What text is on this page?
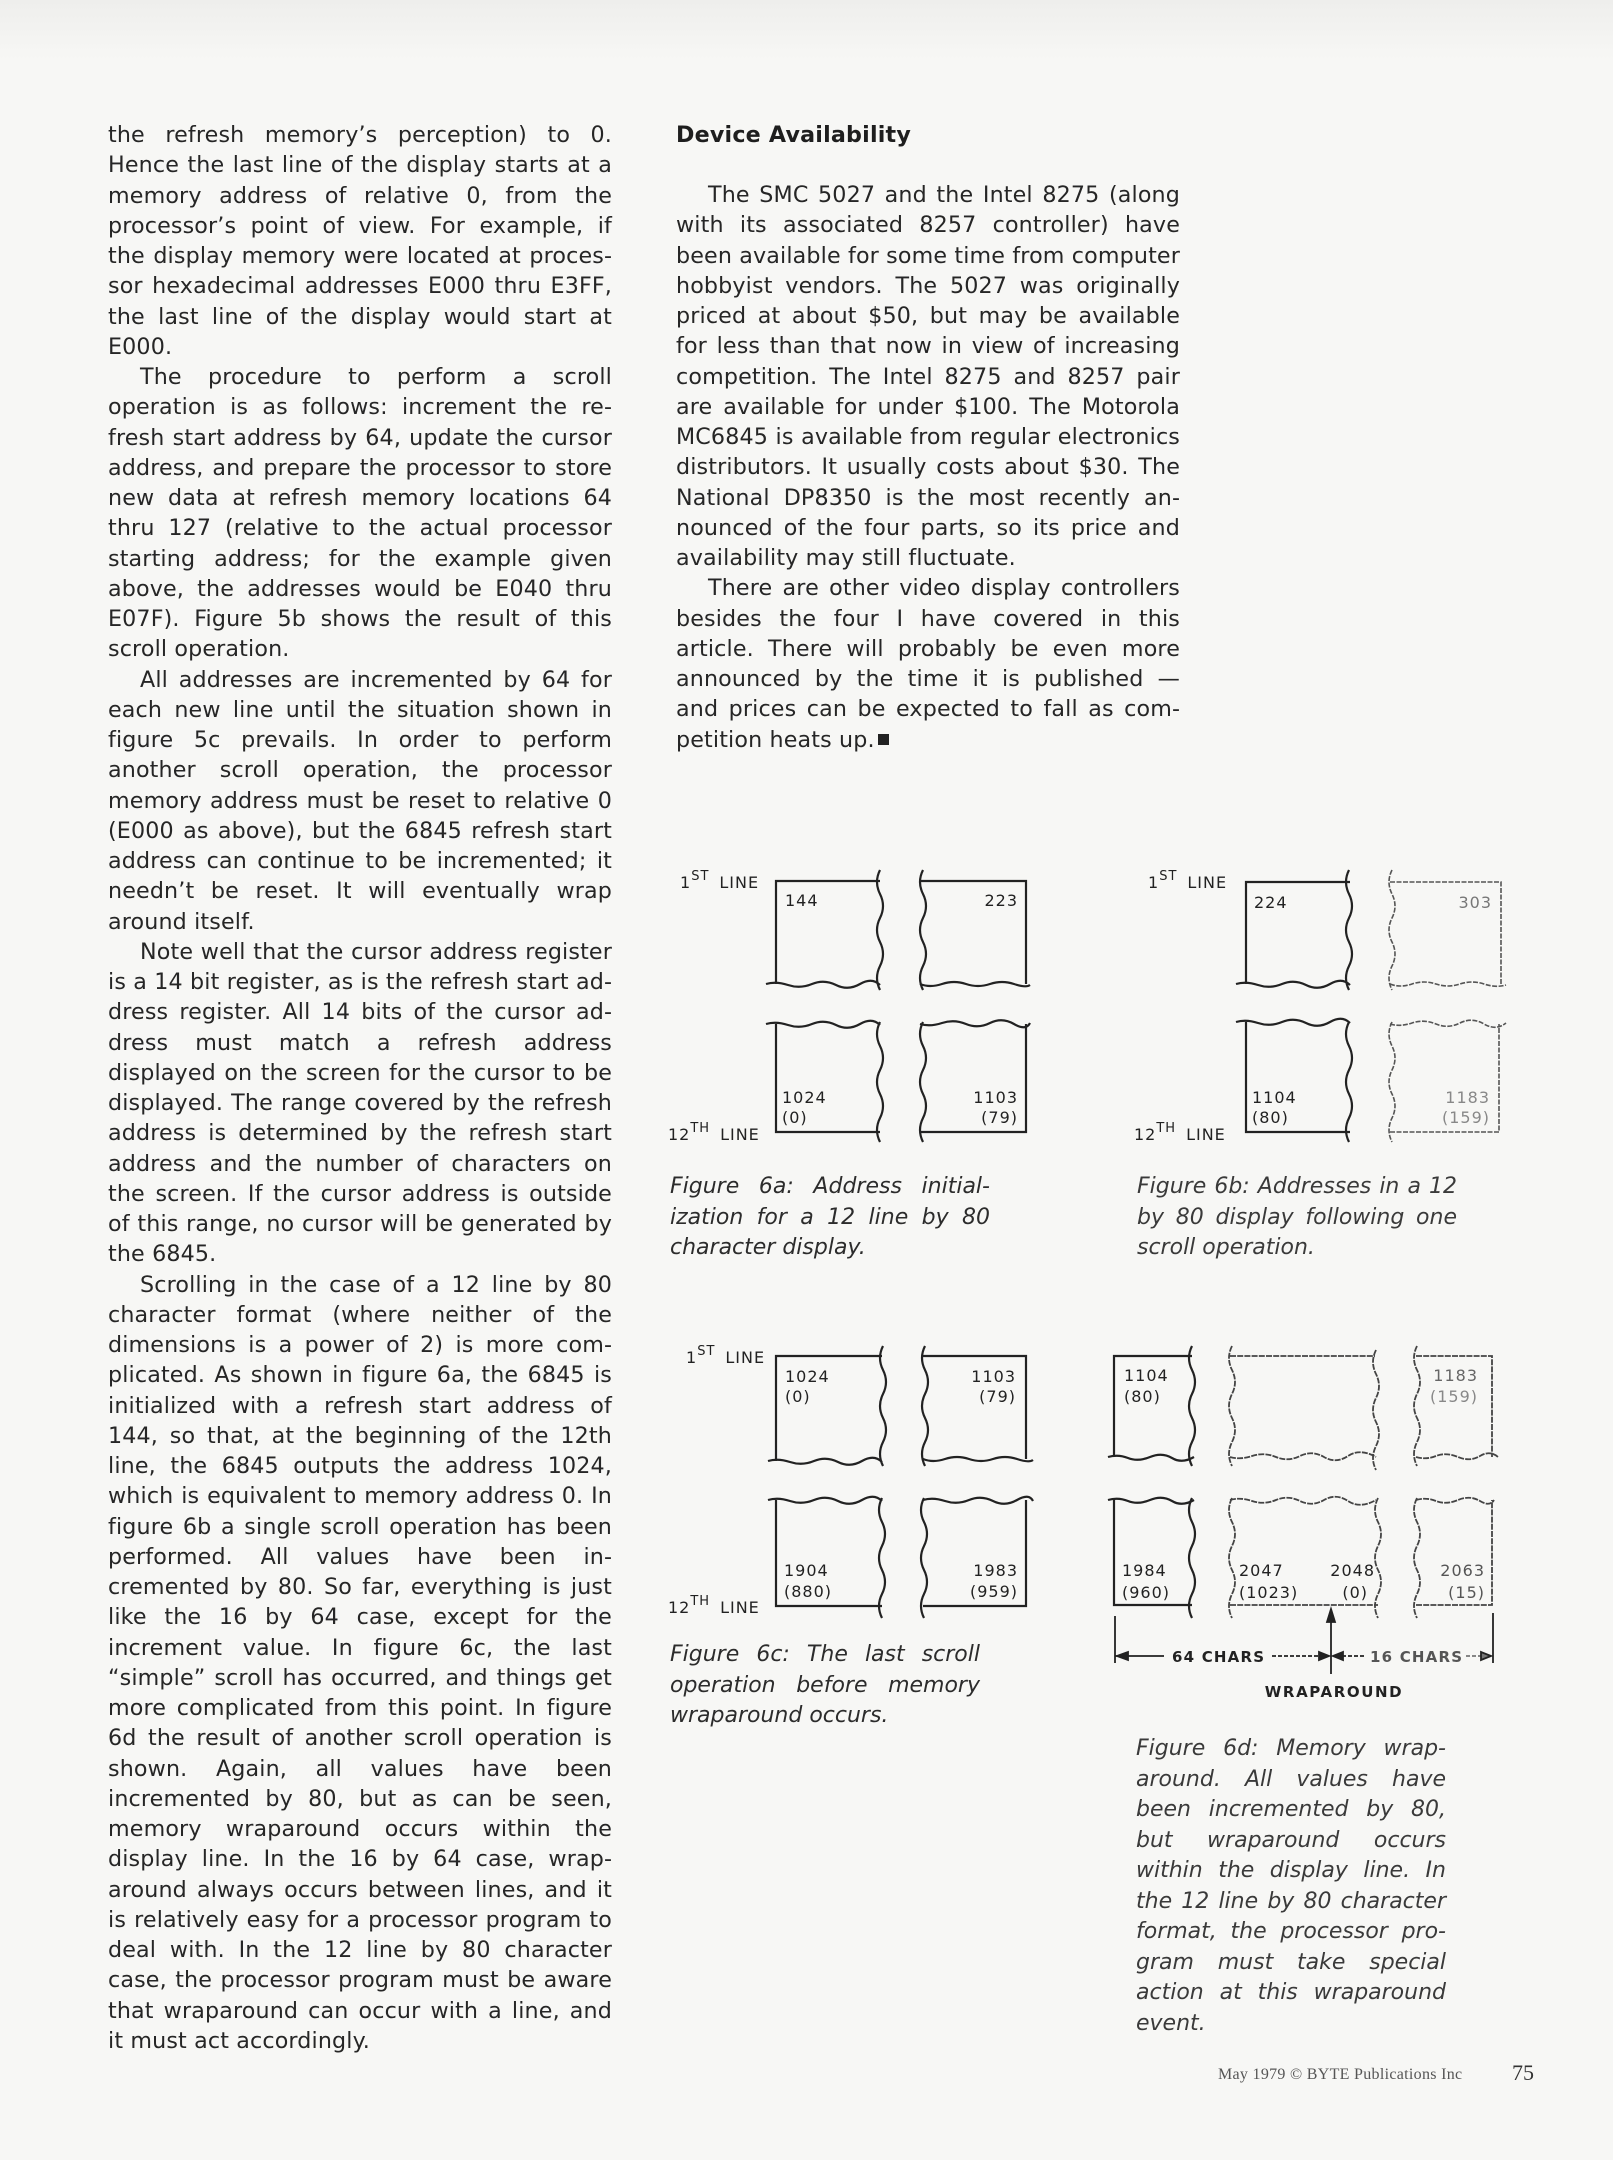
the refresh memory’s perception) to 0. Hence the last line of the display starts at a memory address of relative 0, from the processor’s point of view. For example, if the display memory were located at processor hexadecimal addresses E000 thru E3FF, the last line of the display would start at E000.

The procedure to perform a scroll operation is as follows: increment the refresh start address by 64, update the cursor address, and prepare the processor to store new data at refresh memory locations 64 thru 127 (relative to the actual processor starting address; for the example given above, the addresses would be E040 thru E07F). Figure 5b shows the result of this scroll operation.

All addresses are incremented by 64 for each new line until the situation shown in figure 5c prevails. In order to perform another scroll operation, the processor memory address must be reset to relative 0 (E000 as above), but the 6845 refresh start address can continue to be incremented; it needn’t be reset. It will eventually wrap around itself.

Note well that the cursor address register is a 14 bit register, as is the refresh start address register. All 14 bits of the cursor address must match a refresh address displayed on the screen for the cursor to be displayed. The range covered by the refresh address is determined by the refresh start address and the number of characters on the screen. If the cursor address is outside of this range, no cursor will be generated by the 6845.

Scrolling in the case of a 12 line by 80 character format (where neither of the dimensions is a power of 2) is more complicated. As shown in figure 6a, the 6845 is initialized with a refresh start address of 144, so that, at the beginning of the 12th line, the 6845 outputs the address 1024, which is equivalent to memory address 0. In figure 6b a single scroll operation has been performed. All values have been incremented by 80. So far, everything is just like the 16 by 64 case, except for the increment value. In figure 6c, the last “simple” scroll has occurred, and things get more complicated from this point. In figure 6d the result of another scroll operation is shown. Again, all values have been incremented by 80, but as can be seen, memory wraparound occurs within the display line. In the 16 by 64 case, wraparound always occurs between lines, and it is relatively easy for a processor program to deal with. In the 12 line by 80 character case, the processor program must be aware that wraparound can occur with a line, and it must act accordingly.

Device Availability

The SMC 5027 and the Intel 8275 (along with its associated 8257 controller) have been available for some time from computer hobbyist vendors. The 5027 was originally priced at about $50, but may be available for less than that now in view of increasing competition. The Intel 8275 and 8257 pair are available for under $100. The Motorola MC6845 is available from regular electronics distributors. It usually costs about $30. The National DP8350 is the most recently announced of the four parts, so its price and availability may still fluctuate.

There are other video display controllers besides the four I have covered in this article. There will probably be even more announced by the time it is published — and prices can be expected to fall as competition heats up.

1ST LINE
144	223
1024
(0)
1103
(79)
12TH LINE
Figure 6a: Address initialization for a 12 line by 80 character display.
1ST LINE
224	303
1104
(80)
1183
(159)
12TH LINE
Figure 6b: Addresses in a 12 by 80 display following one scroll operation.
1ST LINE
1024
(0)
1103
(79)
1904
(880)
1983
(959)
12TH LINE
Figure 6c: The last scroll operation before memory wraparound occurs.
1104
(80)
1183
(159)
1984
(960)
2047
(1023)
2048
(0)
2063
(15)
64 CHARS	16 CHARS
WRAPAROUND
Figure 6d: Memory wraparound. All values have been incremented by 80, but wraparound occurs within the display line. In the 12 line by 80 character format, the processor program must take special action at this wraparound event.
May 1979 © BYTE Publications Inc 75
